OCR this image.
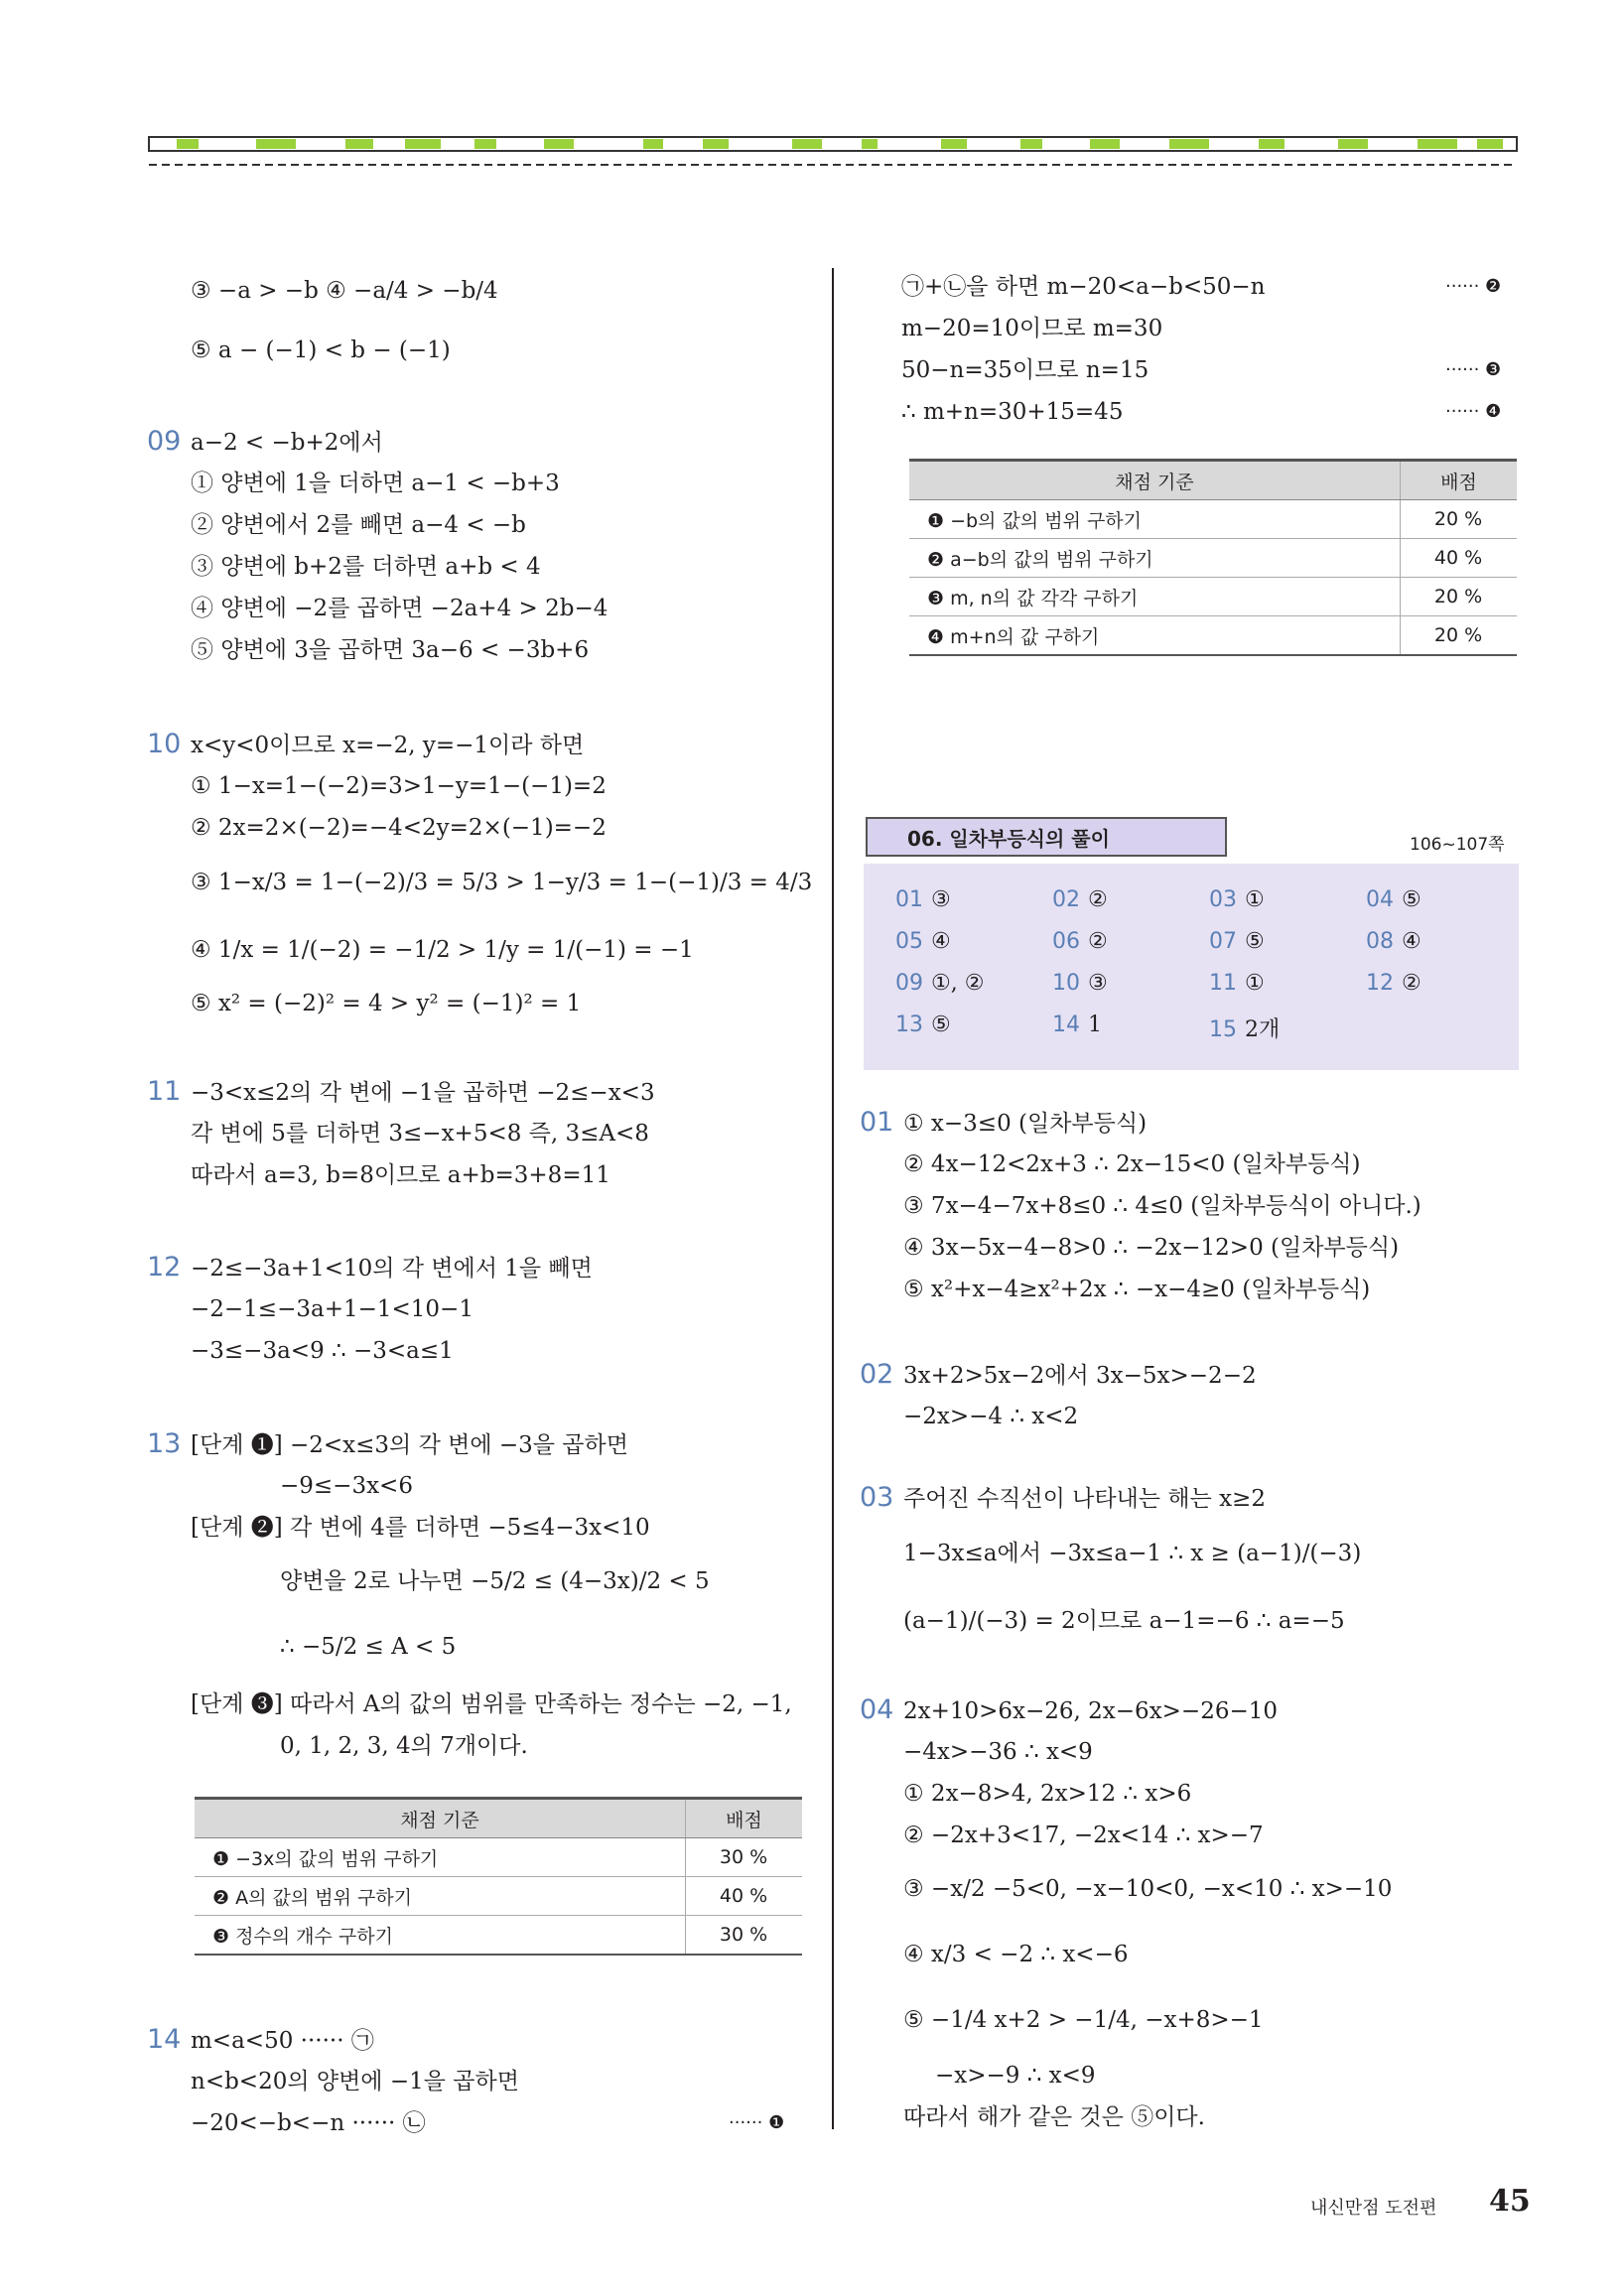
③ −a > −b ④ −a/4 > −b/4
⑤ a − (−1) < b − (−1)
09 a−2 < −b+2에서
① 양변에 1을 더하면 a−1 < −b+3
② 양변에서 2를 빼면 a−4 < −b
③ 양변에 b+2를 더하면 a+b < 4
④ 양변에 −2를 곱하면 −2a+4 > 2b−4
⑤ 양변에 3을 곱하면 3a−6 < −3b+6
10 x<y<0이므로 x=−2, y=−1이라 하면
① 1−x=1−(−2)=3>1−y=1−(−1)=2
② 2x=2×(−2)=−4<2y=2×(−1)=−2
③ 1−x/3 = 1−(−2)/3 = 5/3 > 1−y/3 = 1−(−1)/3 = 4/3
④ 1/x = 1/(−2) = −1/2 > 1/y = 1/(−1) = −1
⑤ x² = (−2)² = 4 > y² = (−1)² = 1
11 −3<x≤2의 각 변에 −1을 곱하면 −2≤−x<3
각 변에 5를 더하면 3≤−x+5<8 즉, 3≤A<8
따라서 a=3, b=8이므로 a+b=3+8=11
12 −2≤−3a+1<10의 각 변에서 1을 빼면
−2−1≤−3a+1−1<10−1
−3≤−3a<9 ∴ −3<a≤1
13 [단계 ❶] −2<x≤3의 각 변에 −3을 곱하면
−9≤−3x<6
[단계 ❷] 각 변에 4를 더하면 −5≤4−3x<10
양변을 2로 나누면 −5/2 ≤ (4−3x)/2 < 5
∴ −5/2 ≤ A < 5
[단계 ❸] 따라서 A의 값의 범위를 만족하는 정수는 −2, −1,
0, 1, 2, 3, 4의 7개이다.
채점 기준	배점
❶ −3x의 값의 범위 구하기	30 %
❷ A의 값의 범위 구하기	40 %
❸ 정수의 개수 구하기	30 %
14 m<a<50 ······ ㉠
n<b<20의 양변에 −1을 곱하면
−20<−b<−n ······ ㉡	······ ❶
㉠+㉡을 하면 m−20<a−b<50−n	······ ❷
m−20=10이므로 m=30
50−n=35이므로 n=15	······ ❸
∴ m+n=30+15=45	······ ❹
채점 기준	배점
❶ −b의 값의 범위 구하기	20 %
❷ a−b의 값의 범위 구하기	40 %
❸ m, n의 값 각각 구하기	20 %
❹ m+n의 값 구하기	20 %
06. 일차부등식의 풀이	106~107쪽
01 ③	02 ②	03 ①	04 ⑤
05 ④	06 ②	07 ⑤	08 ④
09 ①, ②	10 ③	11 ①	12 ②
13 ⑤	14 1	15 2개
01 ① x−3≤0 (일차부등식)
② 4x−12<2x+3 ∴ 2x−15<0 (일차부등식)
③ 7x−4−7x+8≤0 ∴ 4≤0 (일차부등식이 아니다.)
④ 3x−5x−4−8>0 ∴ −2x−12>0 (일차부등식)
⑤ x²+x−4≥x²+2x ∴ −x−4≥0 (일차부등식)
02 3x+2>5x−2에서 3x−5x>−2−2
−2x>−4 ∴ x<2
03 주어진 수직선이 나타내는 해는 x≥2
1−3x≤a에서 −3x≤a−1 ∴ x ≥ (a−1)/(−3)
(a−1)/(−3) = 2이므로 a−1=−6 ∴ a=−5
04 2x+10>6x−26, 2x−6x>−26−10
−4x>−36 ∴ x<9
① 2x−8>4, 2x>12 ∴ x>6
② −2x+3<17, −2x<14 ∴ x>−7
③ −x/2 −5<0, −x−10<0, −x<10 ∴ x>−10
④ x/3 < −2 ∴ x<−6
⑤ −1/4 x+2 > −1/4, −x+8>−1
−x>−9 ∴ x<9
따라서 해가 같은 것은 ⑤이다.
내신만점 도전편 45
